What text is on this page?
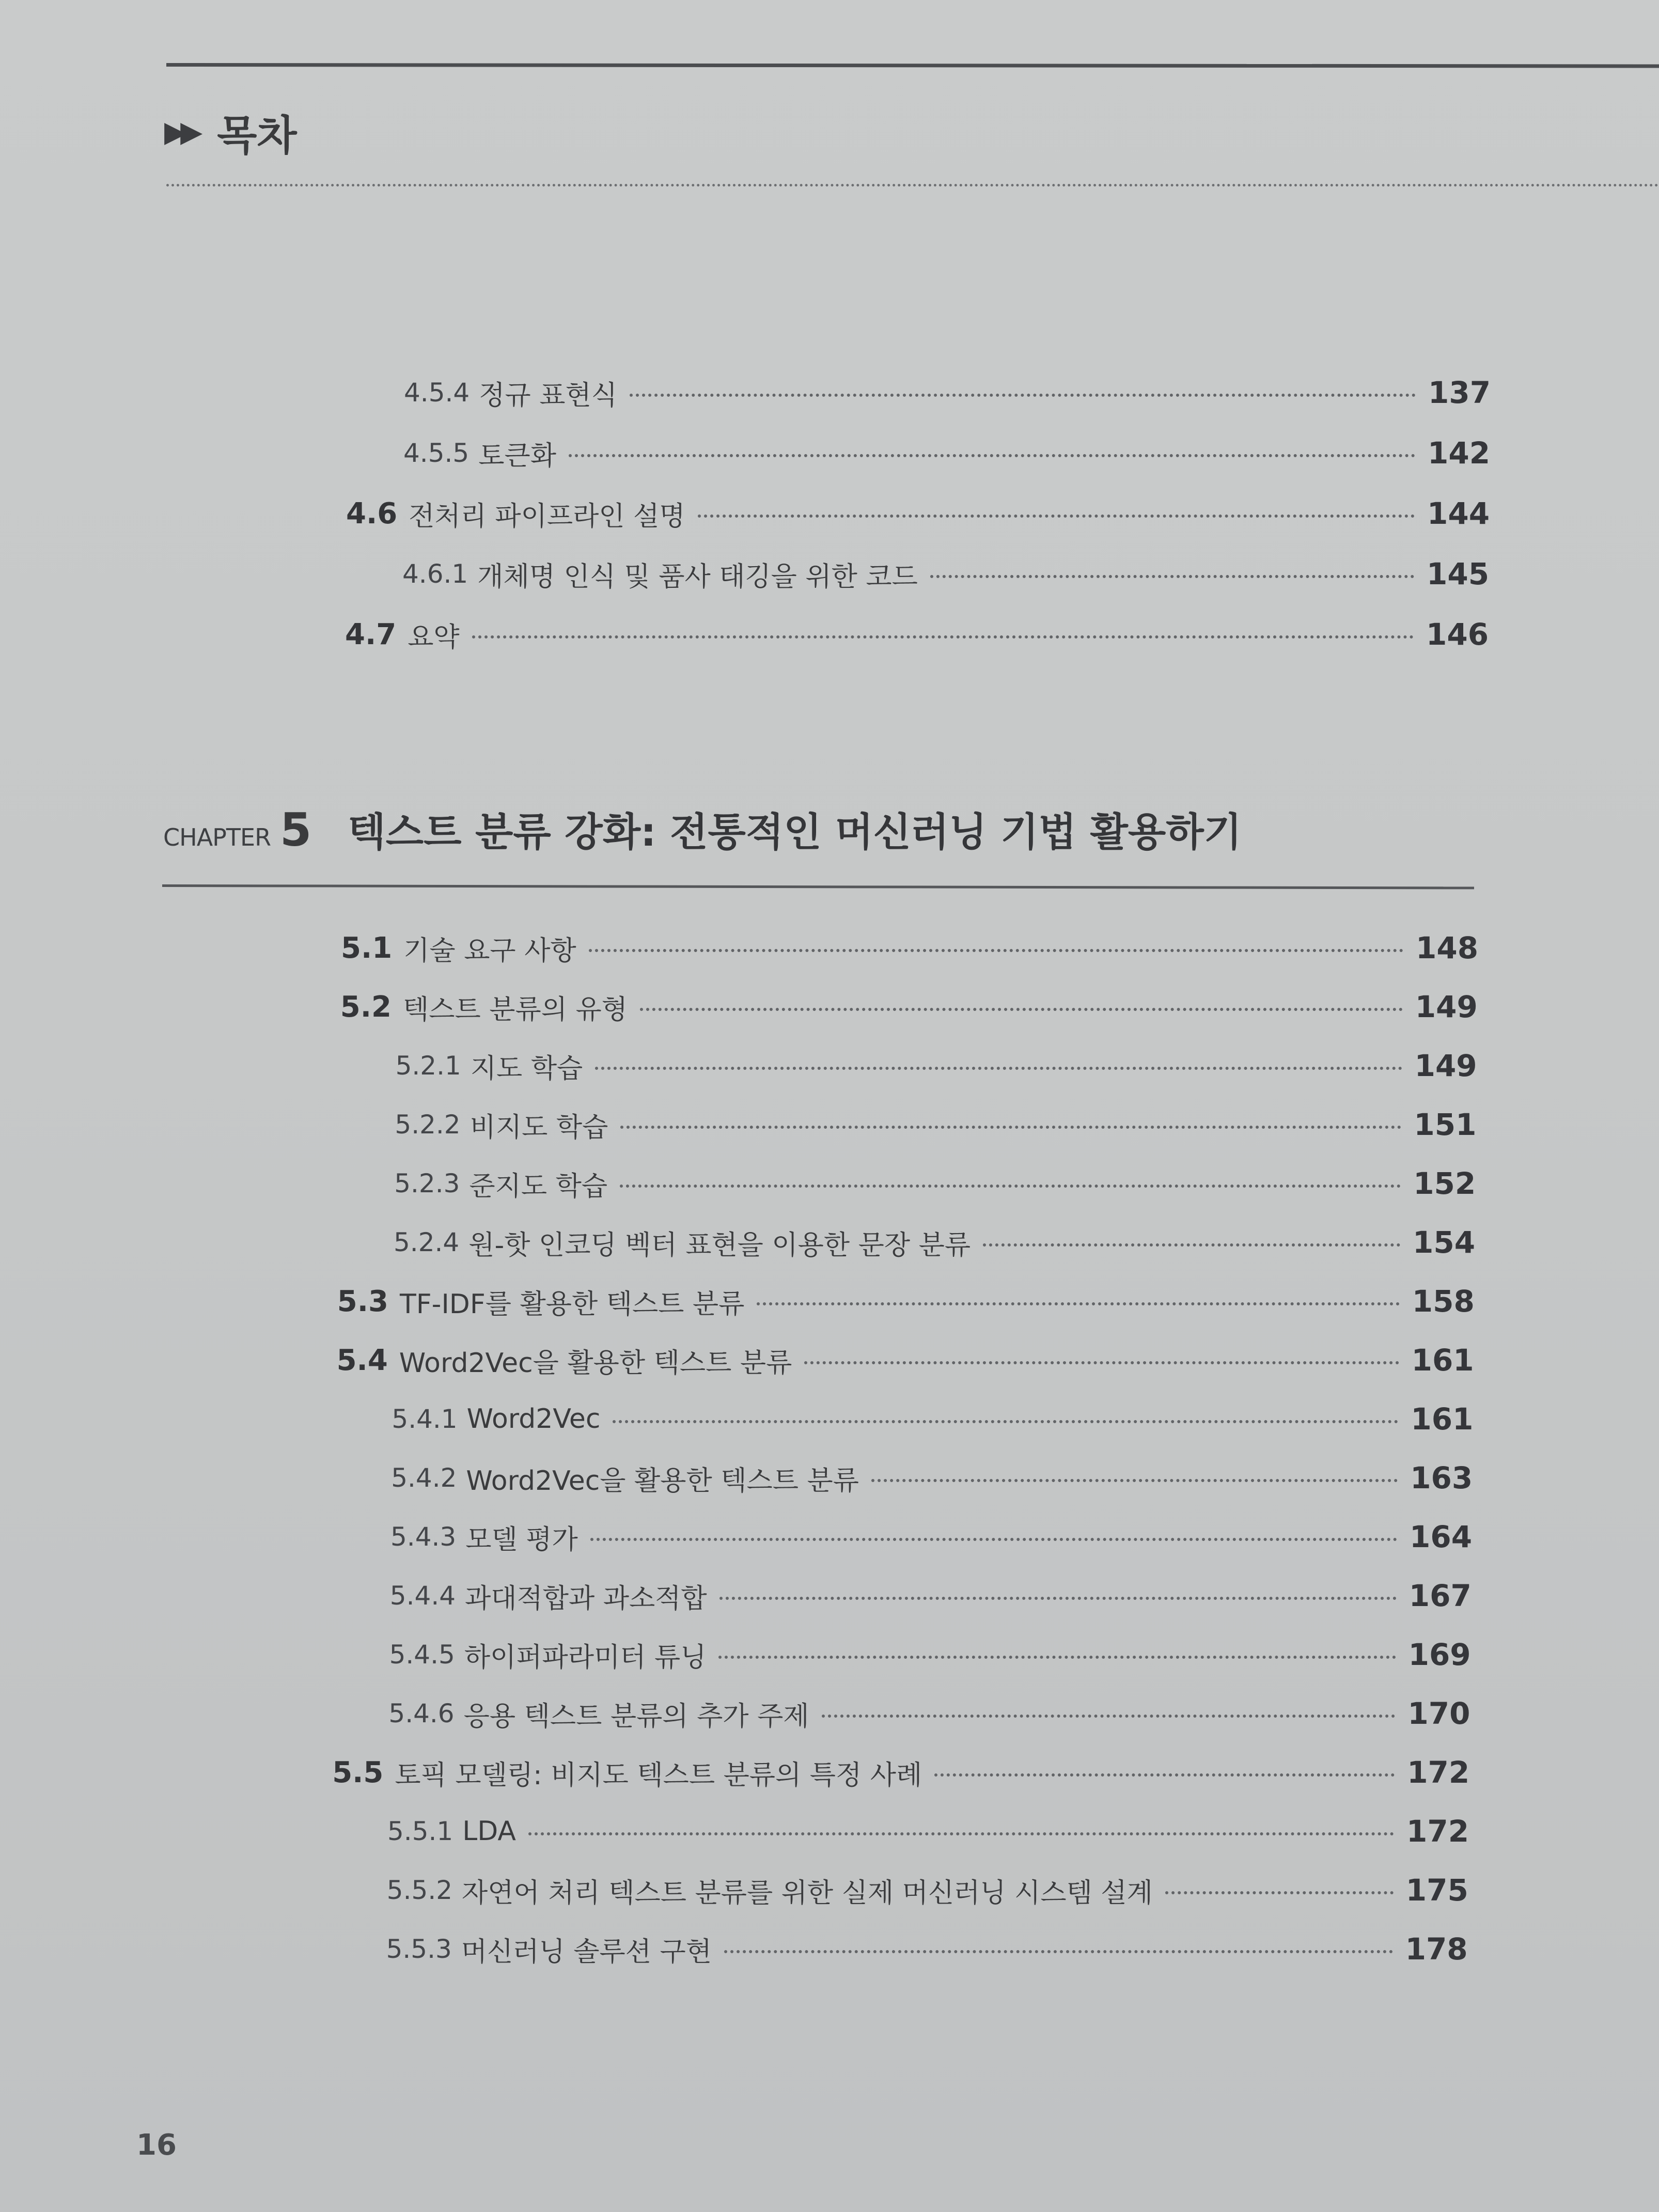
▶▶ 목차
4.5.4 정규 표현식	137
4.5.5 토큰화	142
4.6 전처리 파이프라인 설명	144
4.6.1 개체명 인식 및 품사 태깅을 위한 코드	145
4.7 요약	146
CHAPTER 5 텍스트 분류 강화: 전통적인 머신러닝 기법 활용하기
5.1 기술 요구 사항	148
5.2 텍스트 분류의 유형	149
5.2.1 지도 학습	149
5.2.2 비지도 학습	151
5.2.3 준지도 학습	152
5.2.4 원-핫 인코딩 벡터 표현을 이용한 문장 분류	154
5.3 TF-IDF를 활용한 텍스트 분류	158
5.4 Word2Vec을 활용한 텍스트 분류	161
5.4.1 Word2Vec	161
5.4.2 Word2Vec을 활용한 텍스트 분류	163
5.4.3 모델 평가	164
5.4.4 과대적합과 과소적합	167
5.4.5 하이퍼파라미터 튜닝	169
5.4.6 응용 텍스트 분류의 추가 주제	170
5.5 토픽 모델링: 비지도 텍스트 분류의 특정 사례	172
5.5.1 LDA	172
5.5.2 자연어 처리 텍스트 분류를 위한 실제 머신러닝 시스템 설계	175
5.5.3 머신러닝 솔루션 구현	178
16
